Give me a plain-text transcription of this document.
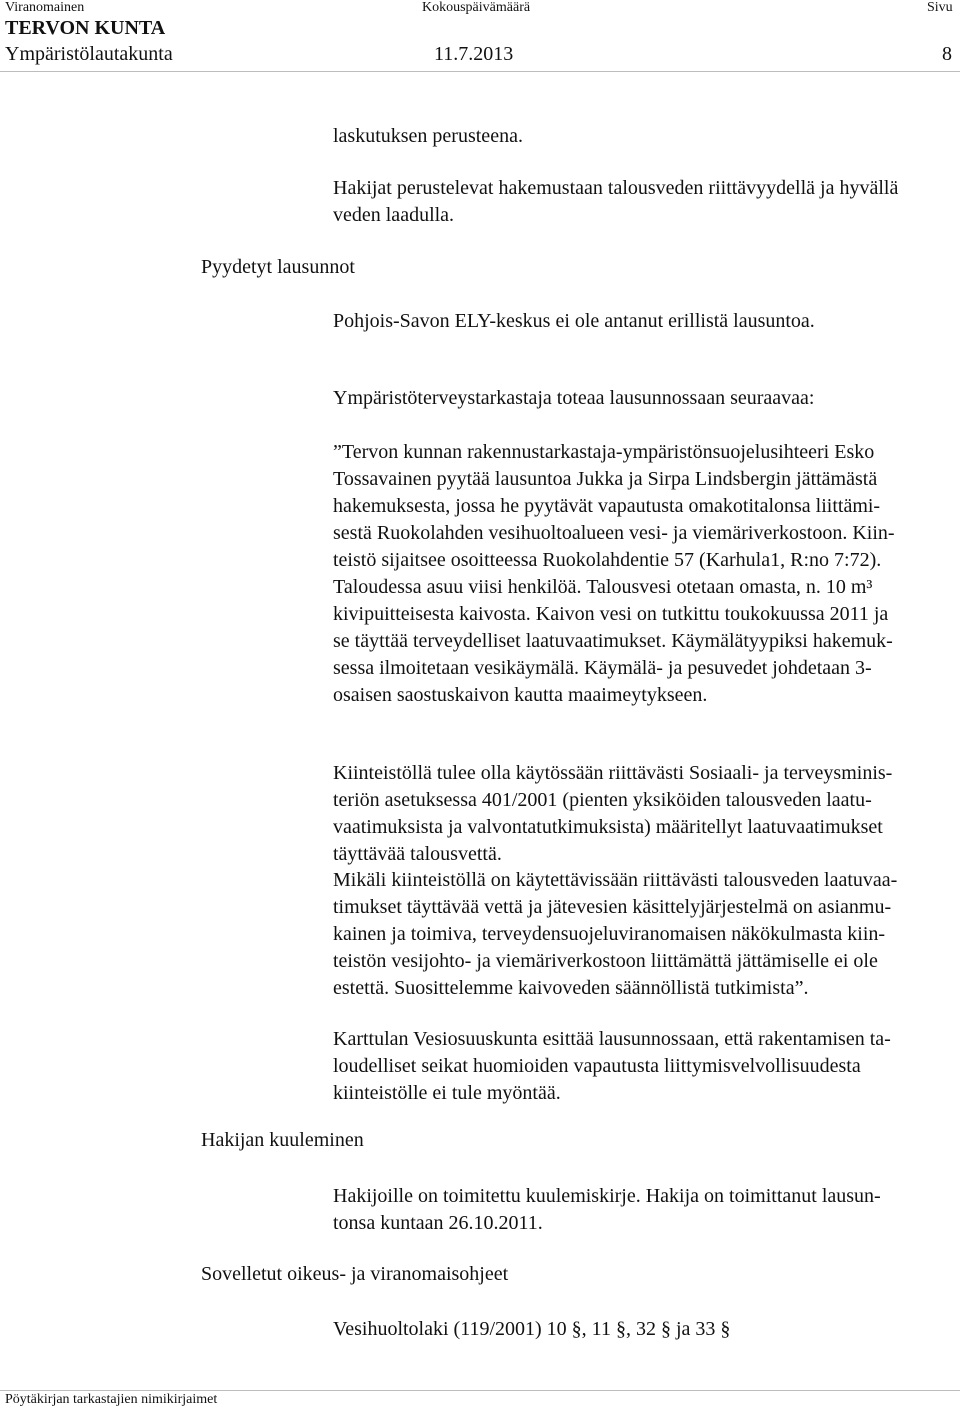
Viranomainen	Kokouspäivämäärä	Sivu
TERVON KUNTA
Ympäristölautakunta	11.7.2013	8
Pyydetyt lausunnot
Hakijan kuuleminen
Sovelletut oikeus- ja viranomaisohjeet
laskutuksen perusteena.
Hakijat perustelevat hakemustaan talousveden riittävyydellä ja hyvällä
veden laadulla.
Pohjois-Savon ELY-keskus ei ole antanut erillistä lausuntoa.
Ympäristöterveystarkastaja toteaa lausunnossaan seuraavaa:
”Tervon kunnan rakennustarkastaja-ympäristönsuojelusihteeri Esko
Tossavainen pyytää lausuntoa Jukka ja Sirpa Lindsbergin jättämästä
hakemuksesta, jossa he pyytävät vapautusta omakotitalonsa liittämi-
sestä Ruokolahden vesihuoltoalueen vesi- ja viemäriverkostoon. Kiin-
teistö sijaitsee osoitteessa Ruokolahdentie 57 (Karhula1, R:no 7:72).
Taloudessa asuu viisi henkilöä. Talousvesi otetaan omasta, n. 10 m³
kivipuitteisesta kaivosta. Kaivon vesi on tutkittu toukokuussa 2011 ja
se täyttää terveydelliset laatuvaatimukset. Käymälätyypiksi hakemuk-
sessa ilmoitetaan vesikäymälä. Käymälä- ja pesuvedet johdetaan 3-
osaisen saostuskaivon kautta maaimeytykseen.
Kiinteistöllä tulee olla käytössään riittävästi Sosiaali- ja terveysminis-
teriön asetuksessa 401/2001 (pienten yksiköiden talousveden laatu-
vaatimuksista ja valvontatutkimuksista) määritellyt laatuvaatimukset
täyttävää talousvettä.
Mikäli kiinteistöllä on käytettävissään riittävästi talousveden laatuvaa-
timukset täyttävää vettä ja jätevesien käsittelyjärjestelmä on asianmu-
kainen ja toimiva, terveydensuojeluviranomaisen näkökulmasta kiin-
teistön vesijohto- ja viemäriverkostoon liittämättä jättämiselle ei ole
estettä. Suosittelemme kaivoveden säännöllistä tutkimista”.
Karttulan Vesiosuuskunta esittää lausunnossaan, että rakentamisen ta-
loudelliset seikat huomioiden vapautusta liittymisvelvollisuudesta
kiinteistölle ei tule myöntää.
Hakijoille on toimitettu kuulemiskirje. Hakija on toimittanut lausun-
tonsa kuntaan 26.10.2011.
Vesihuoltolaki (119/2001) 10 §, 11 §, 32 § ja 33 §
Pöytäkirjan tarkastajien nimikirjaimet
